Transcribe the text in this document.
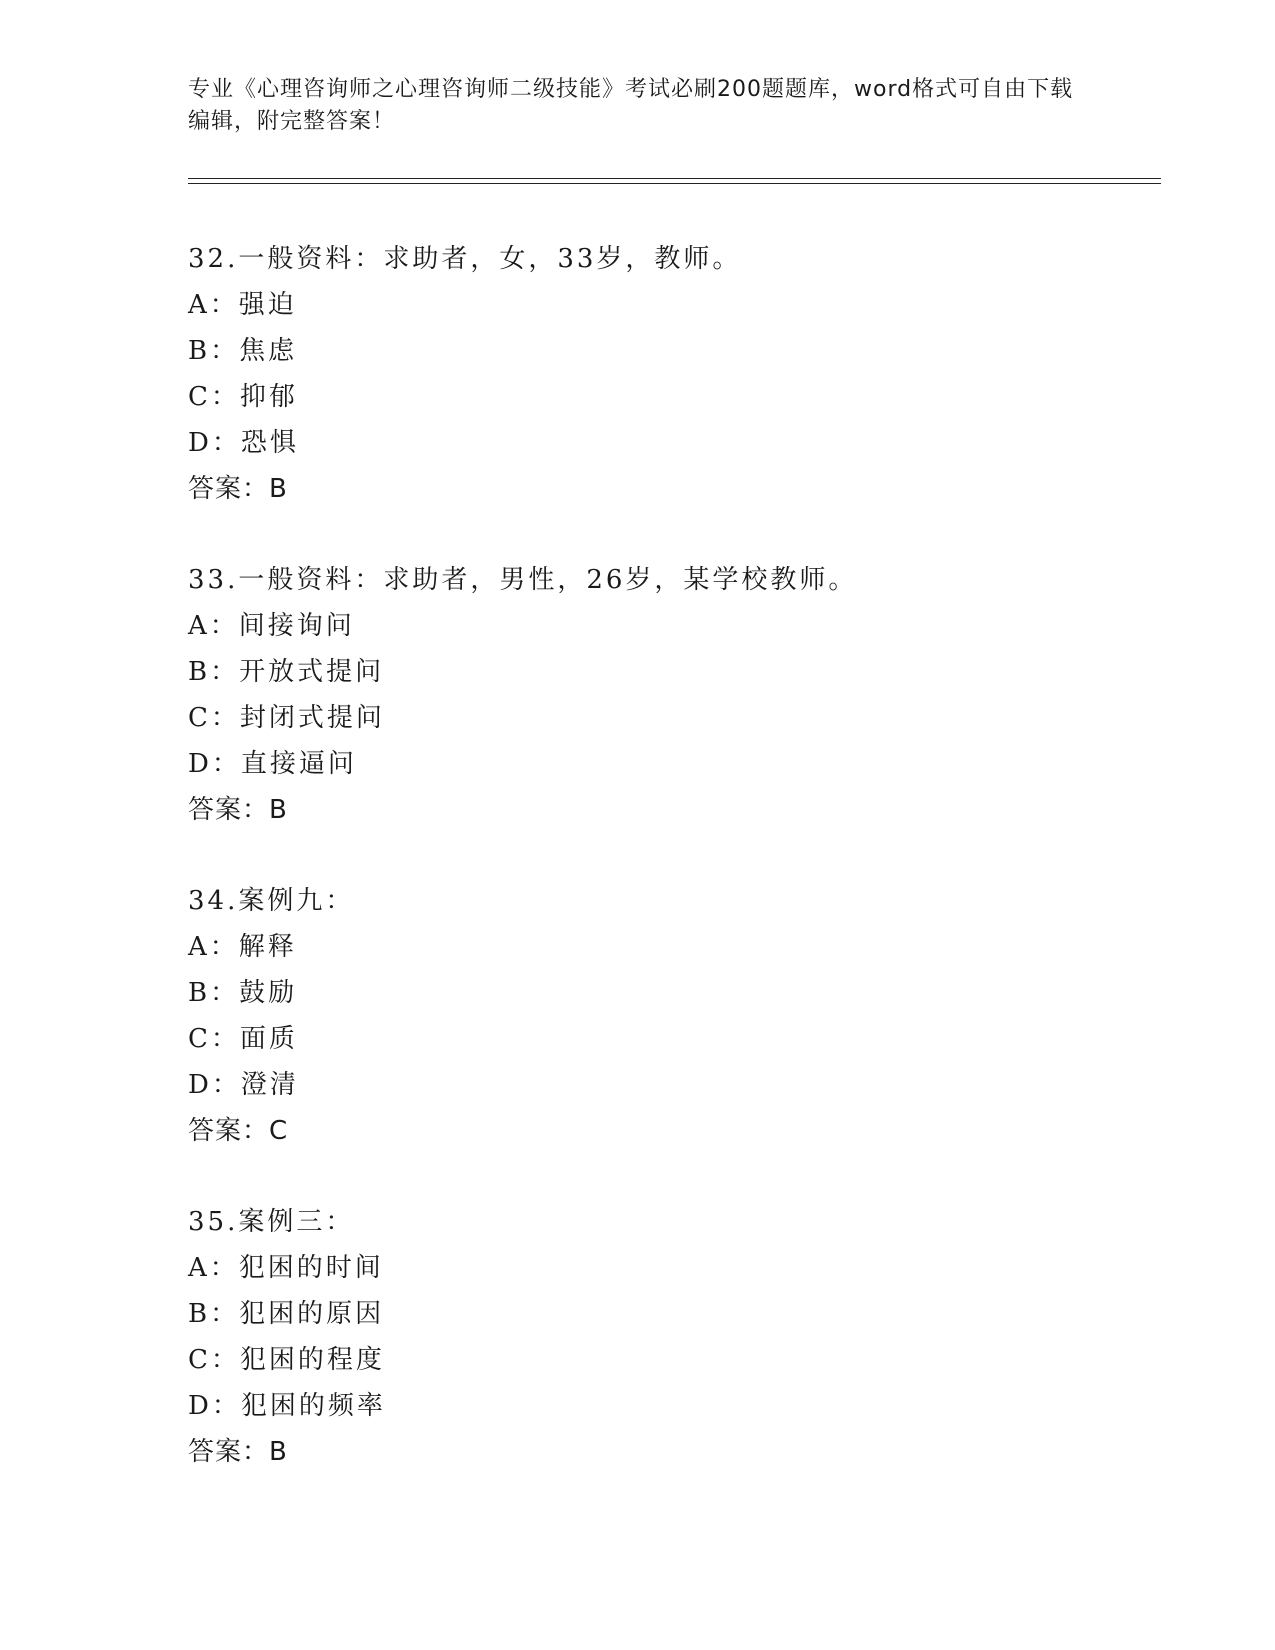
专业《心理咨询师之心理咨询师二级技能》考试必刷200题题库，word格式可自由下载编辑，附完整答案！
32.一般资料：求助者，女，33岁，教师。
A：强迫
B：焦虑
C：抑郁
D：恐惧
答案：B
33.一般资料：求助者，男性，26岁，某学校教师。
A：间接询问
B：开放式提问
C：封闭式提问
D：直接逼问
答案：B
34.案例九：
A：解释
B：鼓励
C：面质
D：澄清
答案：C
35.案例三：
A：犯困的时间
B：犯困的原因
C：犯困的程度
D：犯困的频率
答案：B
